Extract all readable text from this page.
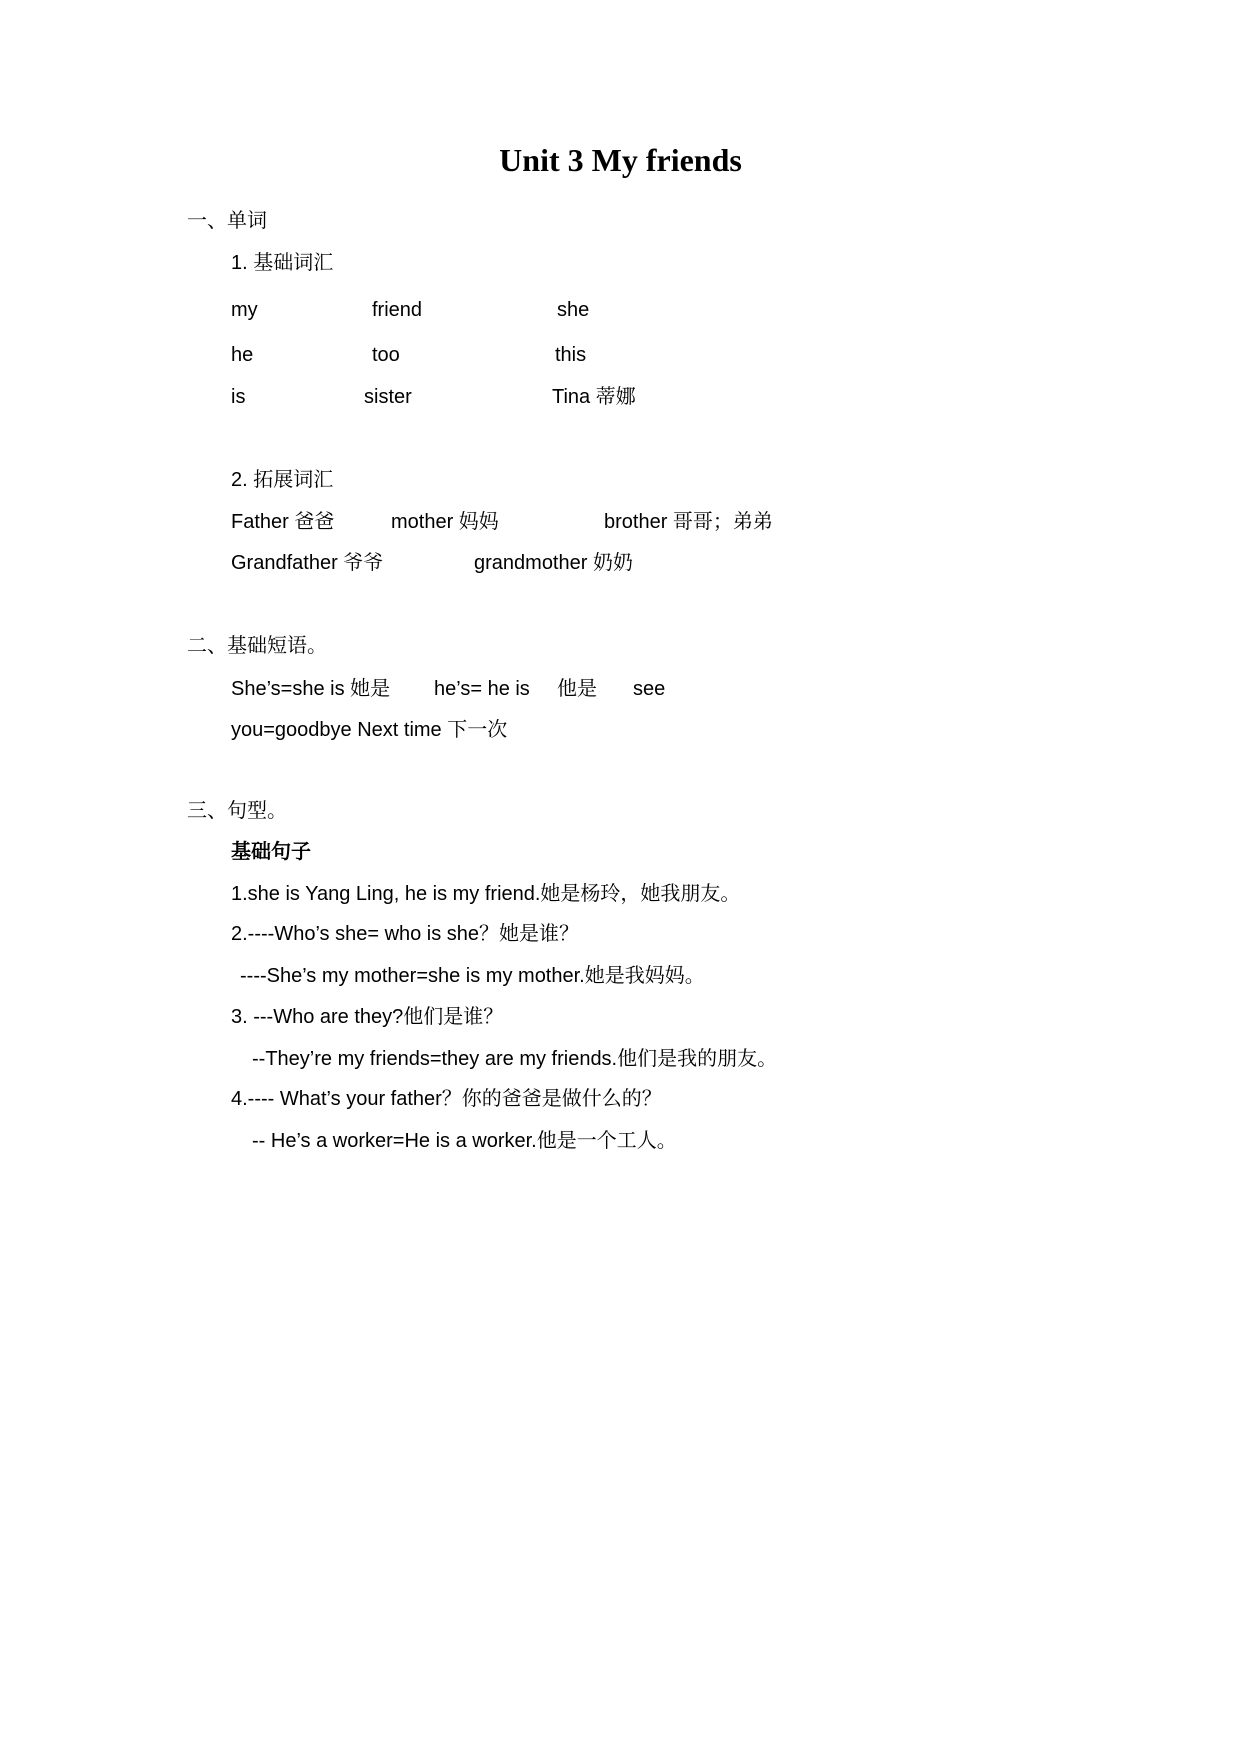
Unit 3 My friends
一、单词
1. 基础词汇
my	friend	she
he	too	this
is	sister	Tina 蒂娜
2. 拓展词汇
Father 爸爸	mother 妈妈	brother 哥哥；弟弟
Grandfather 爷爷	grandmother 奶奶
二、基础短语。
She’s=she is 她是 he’s= he is 他是 see
you=goodbye Next time 下一次
三、句型。
基础句子
1.she is Yang Ling, he is my friend.她是杨玲，她我朋友。
2.----Who’s she= who is she？她是谁？
----She’s my mother=she is my mother.她是我妈妈。
3. ---Who are they?他们是谁？
--They’re my friends=they are my friends.他们是我的朋友。
4.---- What’s your father？你的爸爸是做什么的？
-- He’s a worker=He is a worker.他是一个工人。
